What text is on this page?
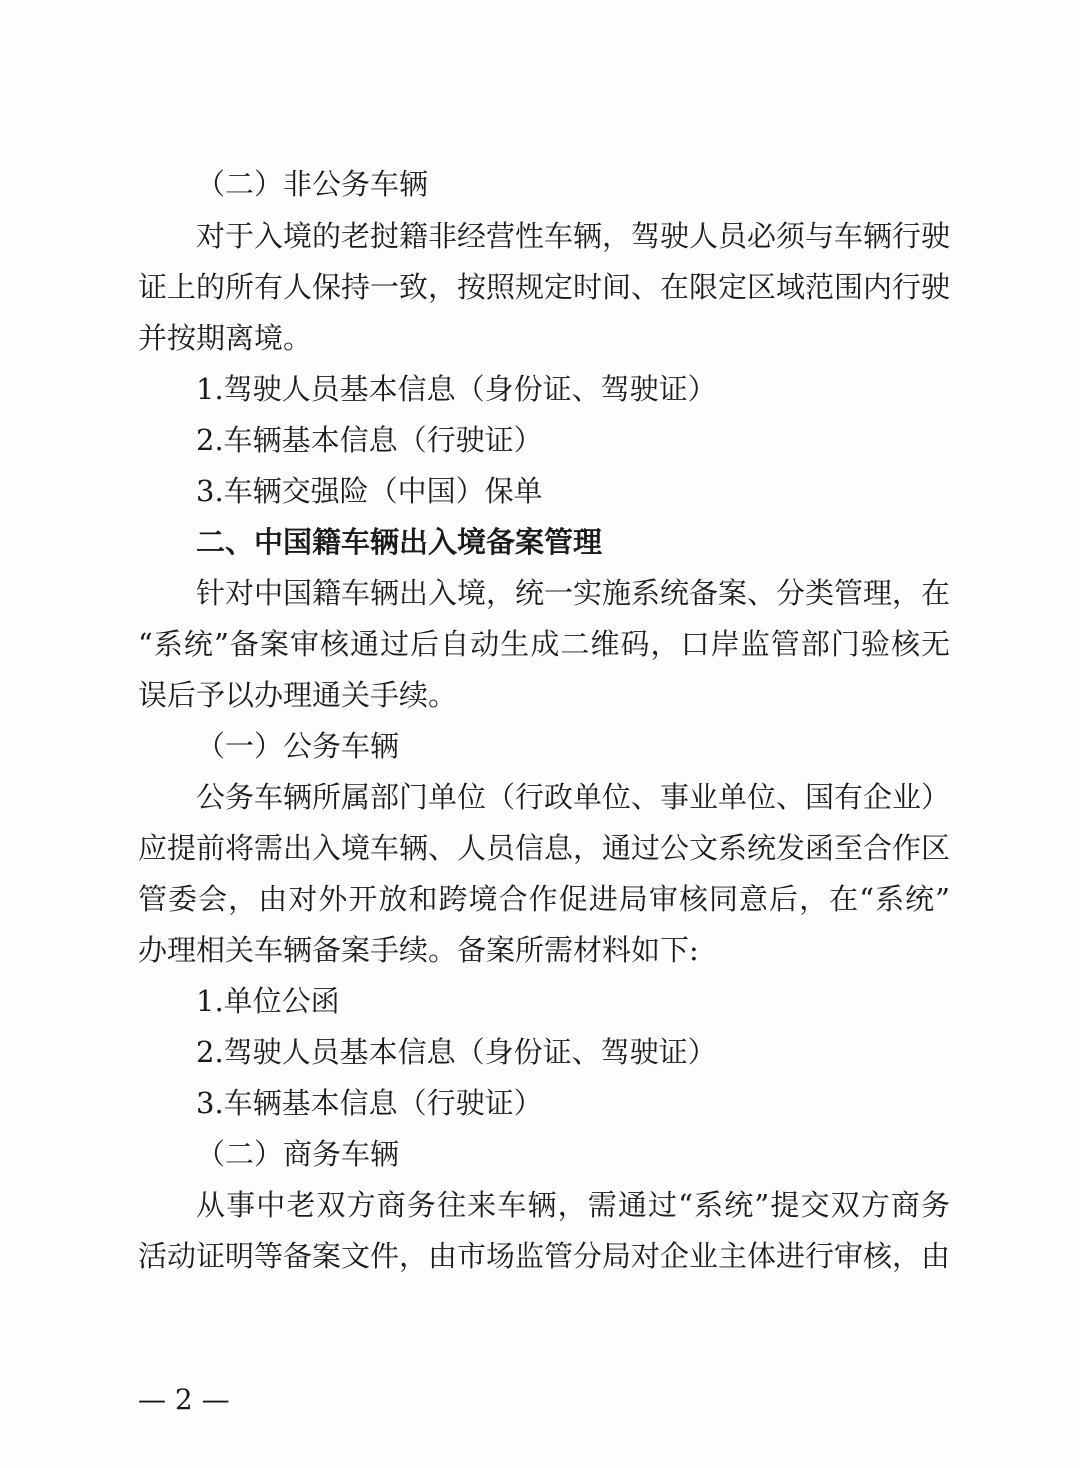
（二）非公务车辆
对于入境的老挝籍非经营性车辆，驾驶人员必须与车辆行驶
证上的所有人保持一致，按照规定时间、在限定区域范围内行驶
并按期离境。
1.驾驶人员基本信息（身份证、驾驶证）
2.车辆基本信息（行驶证）
3.车辆交强险（中国）保单
二、中国籍车辆出入境备案管理
针对中国籍车辆出入境，统一实施系统备案、分类管理，在
“系统”备案审核通过后自动生成二维码，口岸监管部门验核无
误后予以办理通关手续。
（一）公务车辆
公务车辆所属部门单位（行政单位、事业单位、国有企业）
应提前将需出入境车辆、人员信息，通过公文系统发函至合作区
管委会，由对外开放和跨境合作促进局审核同意后，在“系统”
办理相关车辆备案手续。备案所需材料如下:
1.单位公函
2.驾驶人员基本信息（身份证、驾驶证）
3.车辆基本信息（行驶证）
（二）商务车辆
从事中老双方商务往来车辆，需通过“系统”提交双方商务
活动证明等备案文件，由市场监管分局对企业主体进行审核，由
— 2 —
